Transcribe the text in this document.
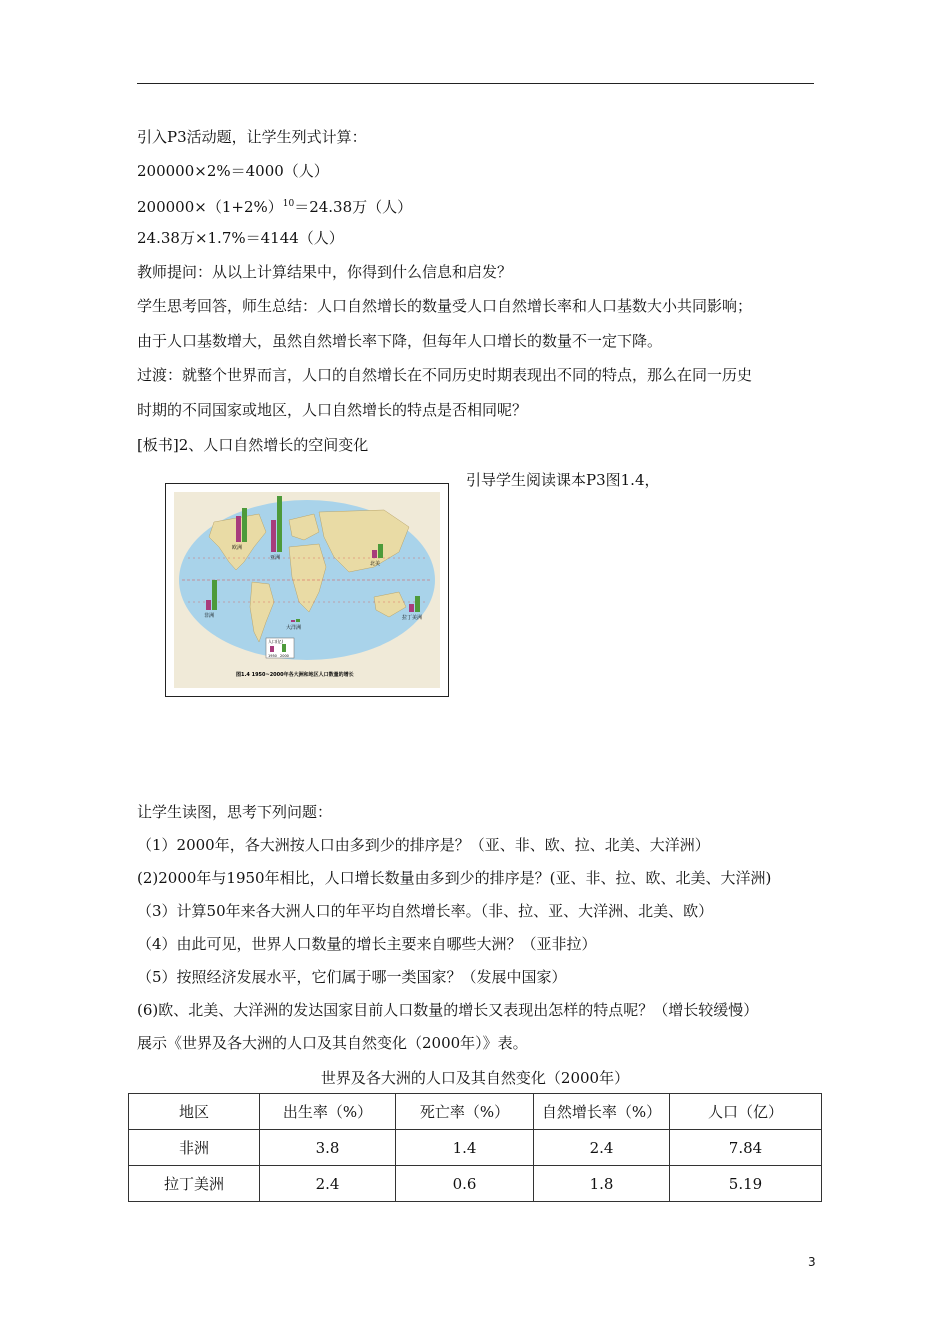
引入P3活动题，让学生列式计算：
200000×2%＝4000（人）
$200000\times(1+2\%)^{10}=24.38$万（人）
24.38万×1.7%＝4144（人）
教师提问：从以上计算结果中，你得到什么信息和启发？
学生思考回答，师生总结：人口自然增长的数量受人口自然增长率和人口基数大小共同影响；
由于人口基数增大，虽然自然增长率下降，但每年人口增长的数量不一定下降。
过渡：就整个世界而言，人口的自然增长在不同历史时期表现出不同的特点，那么在同一历史
时期的不同国家或地区，人口自然增长的特点是否相同呢？
[板书]2、人口自然增长的空间变化
引导学生阅读课本P3图1.4，
欧洲
亚洲
北美
非洲
大洋洲
拉丁美洲
人口(亿)
1950 2000
图1.4 1950~2000年各大洲和地区人口数量的增长
让学生读图，思考下列问题：
（1）2000年，各大洲按人口由多到少的排序是？（亚、非、欧、拉、北美、大洋洲）
(2)2000年与1950年相比，人口增长数量由多到少的排序是？(亚、非、拉、欧、北美、大洋洲)
（3）计算50年来各大洲人口的年平均自然增长率。（非、拉、亚、大洋洲、北美、欧）
（4）由此可见，世界人口数量的增长主要来自哪些大洲？（亚非拉）
（5）按照经济发展水平，它们属于哪一类国家？（发展中国家）
(6)欧、北美、大洋洲的发达国家目前人口数量的增长又表现出怎样的特点呢？（增长较缓慢）
展示《世界及各大洲的人口及其自然变化（2000年）》表。
世界及各大洲的人口及其自然变化（2000年）
地区	出生率（%）	死亡率（%）	自然增长率（%）	人口（亿）
非洲	3.8	1.4	2.4	7.84
拉丁美洲	2.4	0.6	1.8	5.19
3
